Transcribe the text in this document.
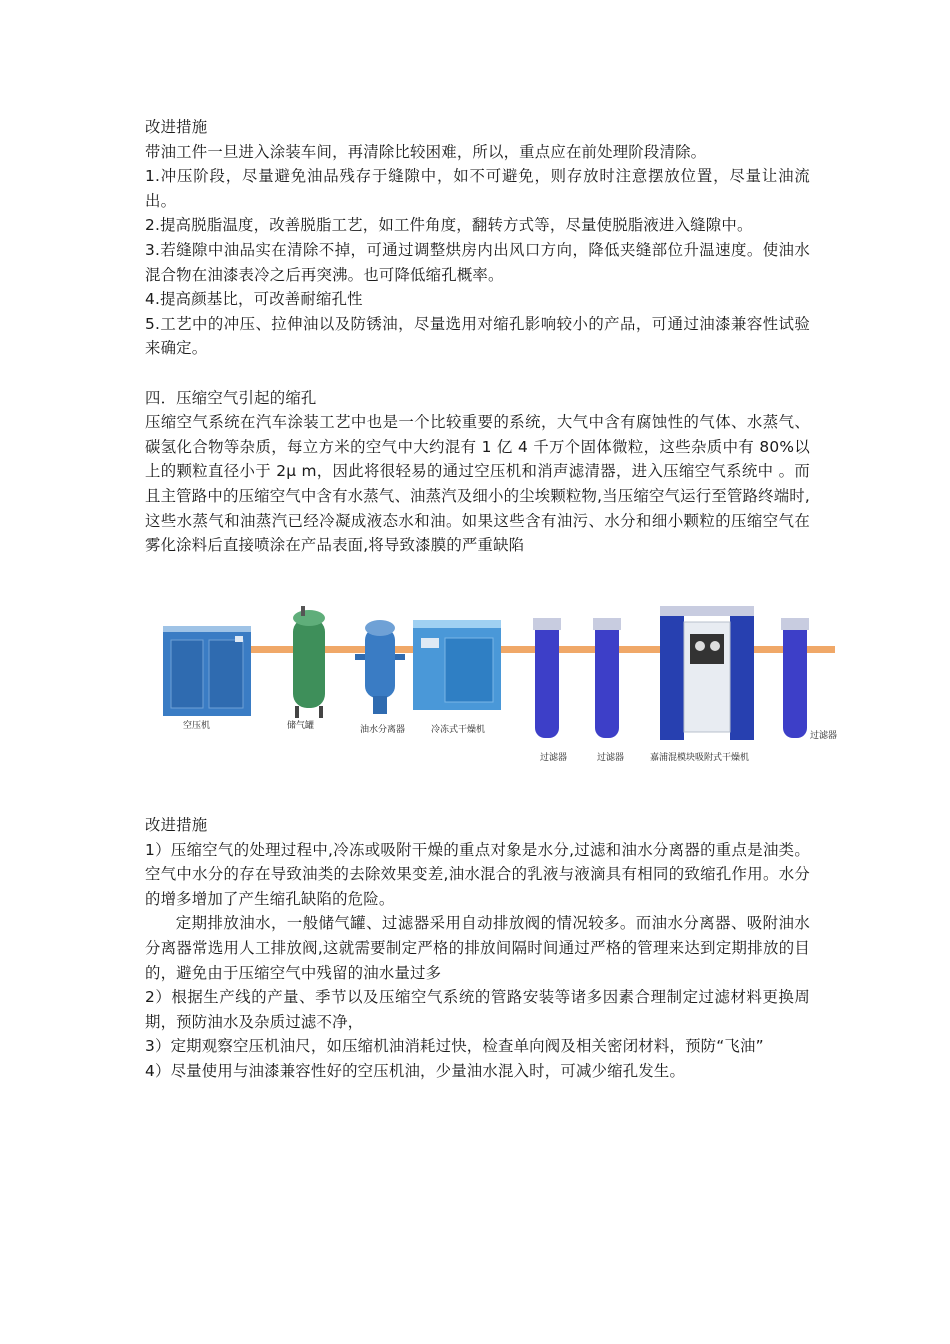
改进措施

带油工件一旦进入涂装车间，再清除比较困难，所以，重点应在前处理阶段清除。

1.冲压阶段，尽量避免油品残存于缝隙中，如不可避免，则存放时注意摆放位置，尽量让油流出。

2.提高脱脂温度，改善脱脂工艺，如工件角度，翻转方式等，尽量使脱脂液进入缝隙中。

3.若缝隙中油品实在清除不掉，可通过调整烘房内出风口方向，降低夹缝部位升温速度。使油水混合物在油漆表冷之后再突沸。也可降低缩孔概率。

4.提高颜基比，可改善耐缩孔性

5.工艺中的冲压、拉伸油以及防锈油，尽量选用对缩孔影响较小的产品，可通过油漆兼容性试验来确定。

四．压缩空气引起的缩孔

压缩空气系统在汽车涂装工艺中也是一个比较重要的系统，大气中含有腐蚀性的气体、水蒸气、碳氢化合物等杂质，每立方米的空气中大约混有 1 亿 4 千万个固体微粒，这些杂质中有 80%以上的颗粒直径小于 2μ m，因此将很轻易的通过空压机和消声滤清器，进入压缩空气系统中 。而且主管路中的压缩空气中含有水蒸气、油蒸汽及细小的尘埃颗粒物,当压缩空气运行至管路终端时,这些水蒸气和油蒸汽已经冷凝成液态水和油。如果这些含有油污、水分和细小颗粒的压缩空气在雾化涂料后直接喷涂在产品表面,将导致漆膜的严重缺陷

空压机	储气罐	油水分离器	冷冻式干燥机
过滤器	过滤器	嘉浦混模块吸附式干燥机
过滤器

改进措施

1）压缩空气的处理过程中,冷冻或吸附干燥的重点对象是水分,过滤和油水分离器的重点是油类。空气中水分的存在导致油类的去除效果变差,油水混合的乳液与液滴具有相同的致缩孔作用。水分的增多增加了产生缩孔缺陷的危险。

定期排放油水，一般储气罐、过滤器采用自动排放阀的情况较多。而油水分离器、吸附油水分离器常选用人工排放阀,这就需要制定严格的排放间隔时间通过严格的管理来达到定期排放的目的，避免由于压缩空气中残留的油水量过多

2）根据生产线的产量、季节以及压缩空气系统的管路安装等诸多因素合理制定过滤材料更换周期，预防油水及杂质过滤不净，

3）定期观察空压机油尺，如压缩机油消耗过快，检查单向阀及相关密闭材料，预防“飞油”

4）尽量使用与油漆兼容性好的空压机油，少量油水混入时，可减少缩孔发生。
